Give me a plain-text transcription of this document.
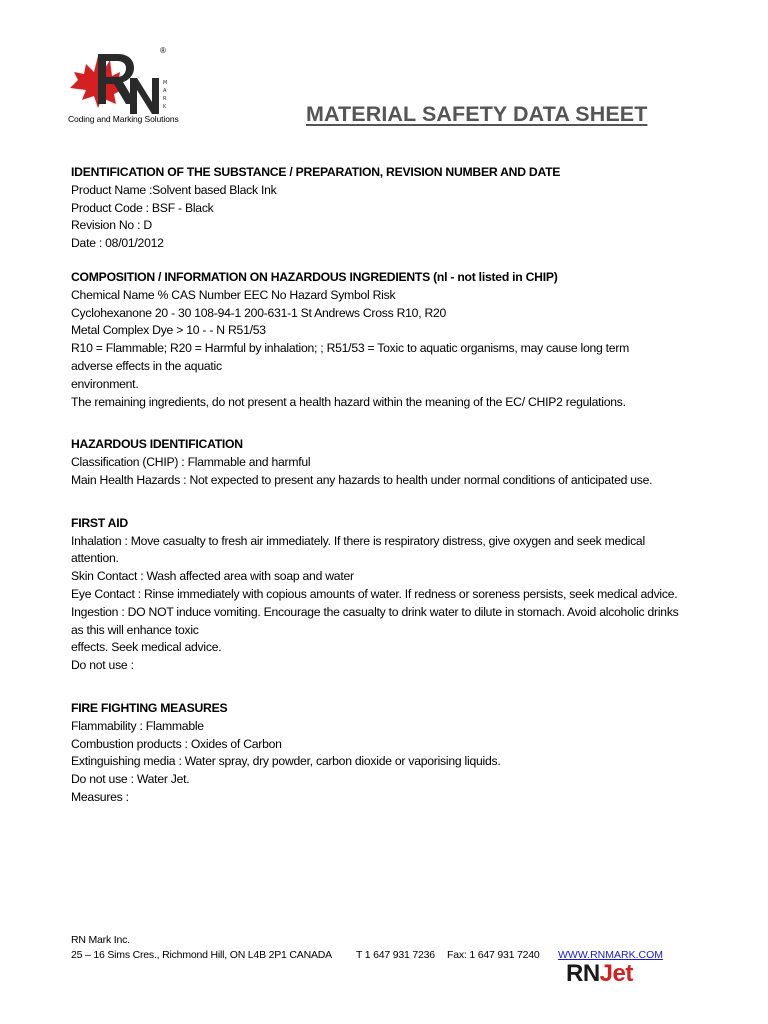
M
A
R
K
®
Coding and Marking Solutions	MATERIAL SAFETY DATA SHEET
IDENTIFICATION OF THE SUBSTANCE / PREPARATION, REVISION NUMBER AND DATE

Product Name :Solvent based Black Ink

Product Code : BSF - Black

Revision No : D

Date : 08/01/2012

COMPOSITION / INFORMATION ON HAZARDOUS INGREDIENTS (nl - not listed in CHIP)

Chemical Name % CAS Number EEC No Hazard Symbol Risk

Cyclohexanone 20 - 30 108-94-1 200-631-1 St Andrews Cross R10, R20

Metal Complex Dye > 10 - - N R51/53

R10 = Flammable; R20 = Harmful by inhalation; ; R51/53 = Toxic to aquatic organisms, may cause long term adverse effects in the aquatic

environment.

The remaining ingredients, do not present a health hazard within the meaning of the EC/ CHIP2 regulations.

HAZARDOUS IDENTIFICATION

Classification (CHIP) : Flammable and harmful

Main Health Hazards : Not expected to present any hazards to health under normal conditions of anticipated use.

FIRST AID

Inhalation : Move casualty to fresh air immediately. If there is respiratory distress, give oxygen and seek medical attention.

Skin Contact : Wash affected area with soap and water

Eye Contact : Rinse immediately with copious amounts of water. If redness or soreness persists, seek medical advice.

Ingestion : DO NOT induce vomiting. Encourage the casualty to drink water to dilute in stomach. Avoid alcoholic drinks as this will enhance toxic

effects. Seek medical advice.

Do not use :

FIRE FIGHTING MEASURES

Flammability : Flammable

Combustion products : Oxides of Carbon

Extinguishing media : Water spray, dry powder, carbon dioxide or vaporising liquids.

Do not use : Water Jet.

Measures :

RN Mark Inc.
25 – 16 Sims Cres., Richmond Hill, ON L4B 2P1 CANADA T 1 647 931 7236 Fax: 1 647 931 7240 WWW.RNMARK.COM
RNJet
